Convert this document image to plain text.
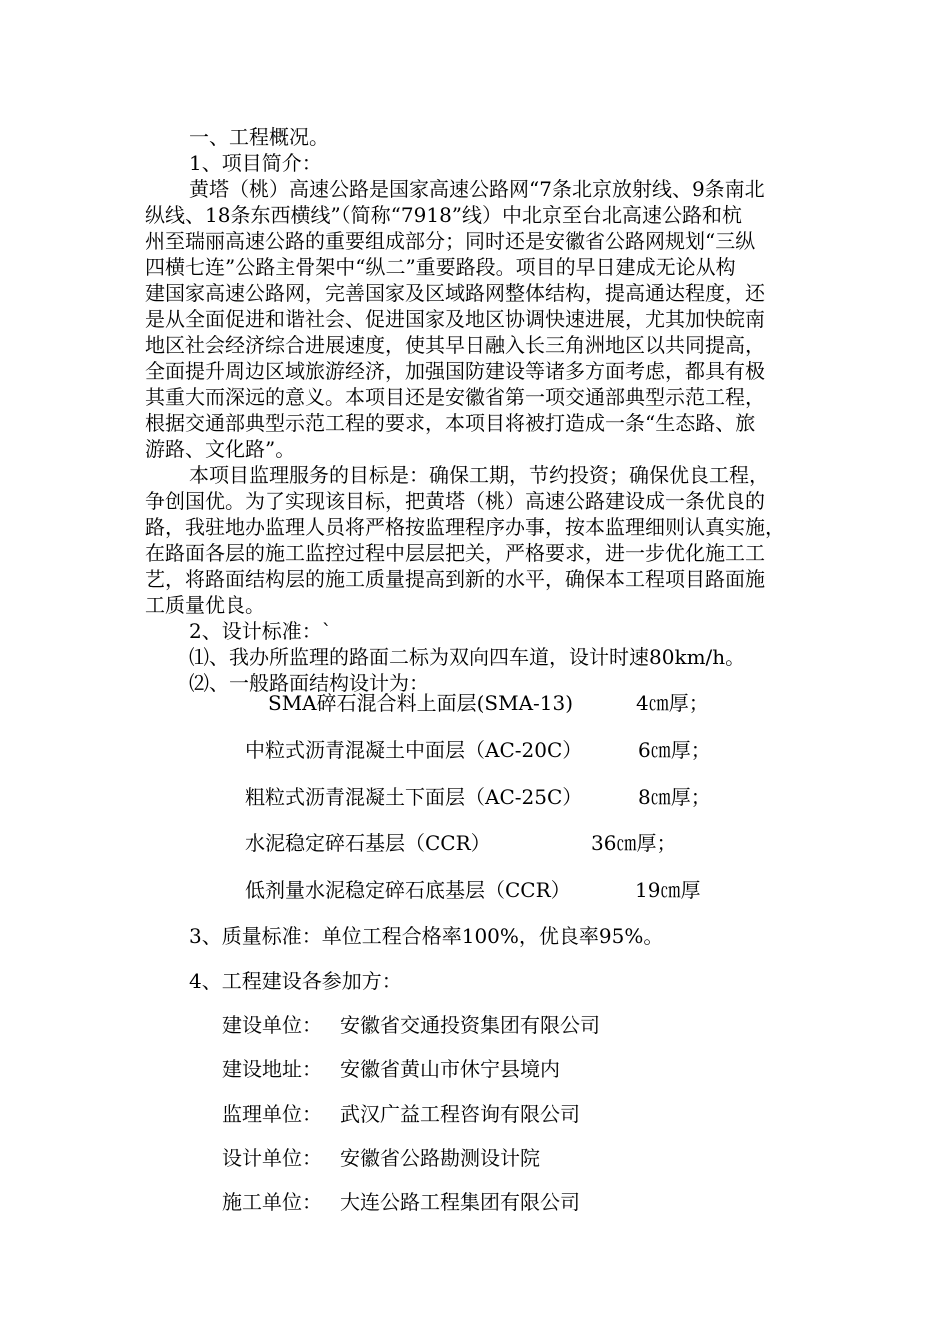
一、工程概况。
1、项目简介：
黄塔（桃）高速公路是国家高速公路网“7条北京放射线、9条南北
纵线、18条东西横线”（简称“7918”线）中北京至台北高速公路和杭
州至瑞丽高速公路的重要组成部分；同时还是安徽省公路网规划“三纵
四横七连”公路主骨架中“纵二”重要路段。项目的早日建成无论从构
建国家高速公路网，完善国家及区域路网整体结构，提高通达程度，还
是从全面促进和谐社会、促进国家及地区协调快速进展，尤其加快皖南
地区社会经济综合进展速度，使其早日融入长三角洲地区以共同提高，
全面提升周边区域旅游经济，加强国防建设等诸多方面考虑，都具有极
其重大而深远的意义。本项目还是安徽省第一项交通部典型示范工程，
根据交通部典型示范工程的要求，本项目将被打造成一条“生态路、旅
游路、文化路”。
本项目监理服务的目标是：确保工期，节约投资；确保优良工程，
争创国优。为了实现该目标，把黄塔（桃）高速公路建设成一条优良的
路，我驻地办监理人员将严格按监理程序办事，按本监理细则认真实施，
在路面各层的施工监控过程中层层把关，严格要求，进一步优化施工工
艺，将路面结构层的施工质量提高到新的水平，确保本工程项目路面施
工质量优良。
2、设计标准：`
⑴、我办所监理的路面二标为双向四车道，设计时速80km/h。
⑵、一般路面结构设计为：
SMA碎石混合料上面层(SMA-13)	4㎝厚；
中粒式沥青混凝土中面层（AC-20C）	6㎝厚；
粗粒式沥青混凝土下面层（AC-25C）	8㎝厚；
水泥稳定碎石基层（CCR）	36㎝厚；
低剂量水泥稳定碎石底基层（CCR）	19㎝厚
3、质量标准：单位工程合格率100%，优良率95%。
4、工程建设各参加方：
建设单位： 安徽省交通投资集团有限公司
建设地址： 安徽省黄山市休宁县境内
监理单位： 武汉广益工程咨询有限公司
设计单位： 安徽省公路勘测设计院
施工单位： 大连公路工程集团有限公司
